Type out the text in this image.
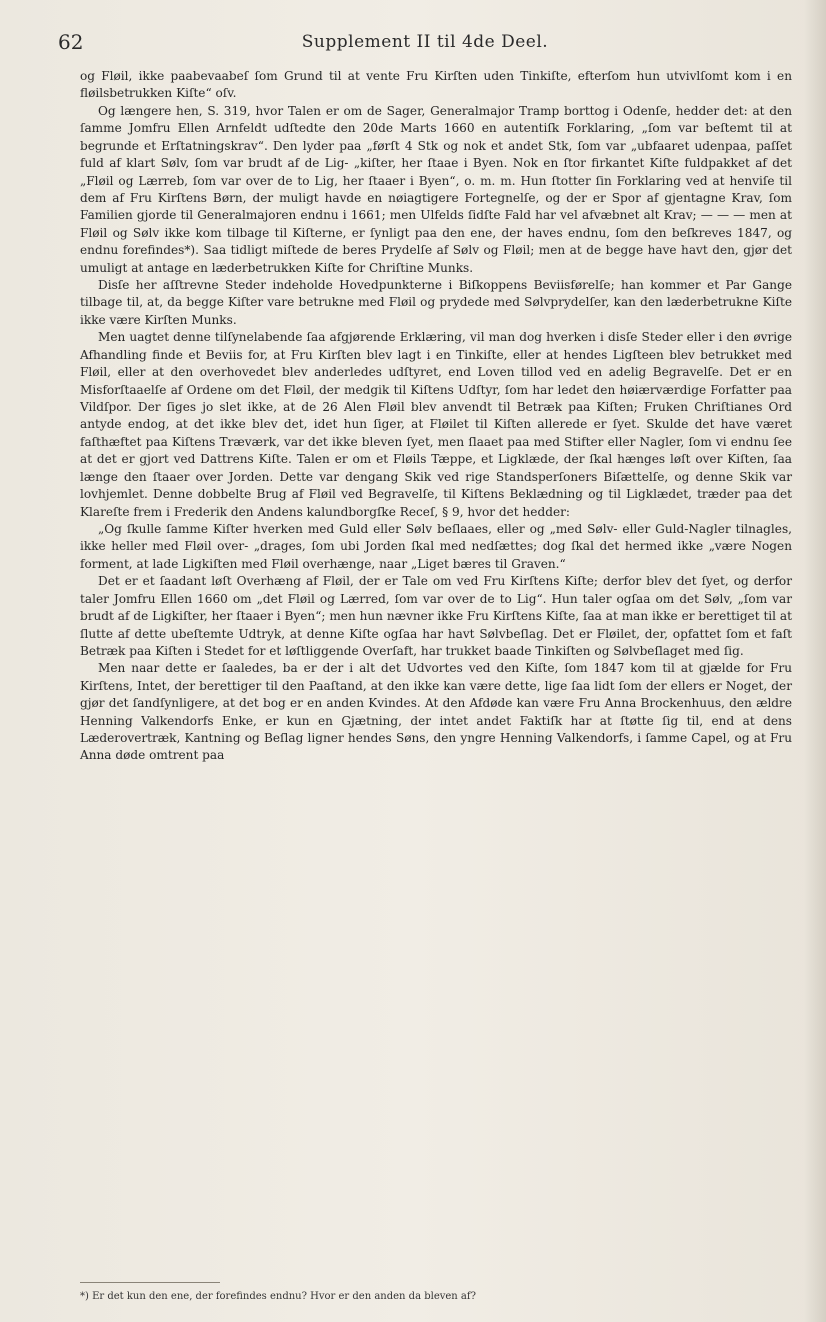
62	Supplement II til 4de Deel.

og Fløil, ikke paabevaabeſ ſom Grund til at vente Fru Kirſten uden Tinkiſte, efterſom hun utvivlſomt kom i en fløilsbetrukken Kiſte“ oſv.

Og længere hen, S. 319, hvor Talen er om de Sager, Generalmajor Tramp borttog i Odenſe, hedder det: at den ſamme Jomfru Ellen Arnfeldt udſtedte den 20de Marts 1660 en autentiſk Forklaring, „ſom var beſtemt til at begrunde et Erſtatningskrav“. Den lyder paa „førſt 4 Stk og nok et andet Stk, ſom var „ubfaaret udenpaa, paſſet fuld af klart Sølv, ſom var brudt af de Lig- „kiſter, her ſtaae i Byen. Nok en ſtor firkantet Kiſte fuldpakket af det „Fløil og Lærreb, ſom var over de to Lig, her ſtaaer i Byen“, o. m. m. Hun ſtotter ſin Forklaring ved at henviſe til dem af Fru Kirſtens Børn, der muligt havde en nøiagtigere Fortegnelſe, og der er Spor af gjentagne Krav, ſom Familien gjorde til Generalmajoren endnu i 1661; men Ulfelds ſidſte Fald har vel afvæbnet alt Krav; — — — men at Fløil og Sølv ikke kom tilbage til Kiſterne, er ſynligt paa den ene, der haves endnu, ſom den beſkreves 1847, og endnu forefindes*). Saa tidligt miſtede de beres Prydelſe af Sølv og Fløil; men at de begge have havt den, gjør det umuligt at antage en læderbetrukken Kiſte for Chriſtine Munks.

Disſe her aſſtrevne Steder indeholde Hovedpunkterne i Biſkoppens Beviisførelſe; han kommer et Par Gange tilbage til, at, da begge Kiſter vare betrukne med Fløil og prydede med Sølvprydelſer, kan den læderbetrukne Kiſte ikke være Kirſten Munks.

Men uagtet denne tilſynelabende ſaa afgjørende Erklæring, vil man dog hverken i disſe Steder eller i den øvrige Afhandling finde et Beviis for, at Fru Kirſten blev lagt i en Tinkiſte, eller at hendes Ligſteen blev betrukket med Fløil, eller at den overhovedet blev anderledes udſtyret, end Loven tillod ved en adelig Begravelſe. Det er en Misforſtaaelſe af Ordene om det Fløil, der medgik til Kiſtens Udſtyr, ſom har ledet den høiærværdige Forfatter paa Vildſpor. Der ſiges jo slet ikke, at de 26 Alen Fløil blev anvendt til Betræk paa Kiſten; Fruken Chriſtianes Ord antyde endog, at det ikke blev det, idet hun ſiger, at Fløilet til Kiſten allerede er ſyet. Skulde det have været faſthæftet paa Kiſtens Træværk, var det ikke bleven ſyet, men ſlaaet paa med Stifter eller Nagler, ſom vi endnu ſee at det er gjort ved Dattrens Kiſte. Talen er om et Fløils Tæppe, et Ligklæde, der ſkal hænges løſt over Kiſten, ſaa længe den ſtaaer over Jorden. Dette var dengang Skik ved rige Standsperſoners Biſættelſe, og denne Skik var lovhjemlet. Denne dobbelte Brug af Fløil ved Begravelſe, til Kiſtens Beklædning og til Ligklædet, træder paa det Klareſte frem i Frederik den Andens kalundborgſke Receſ, § 9, hvor det hedder:

„Og ſkulle ſamme Kiſter hverken med Guld eller Sølv beſlaaes, eller og „med Sølv- eller Guld-Nagler tilnagles, ikke heller med Fløil over- „drages, ſom ubi Jorden ſkal med nedſættes; dog ſkal det hermed ikke „være Nogen forment, at lade Ligkiſten med Fløil overhænge, naar „Liget bæres til Graven.“

Det er et ſaadant løſt Overhæng af Fløil, der er Tale om ved Fru Kirſtens Kiſte; derfor blev det ſyet, og derfor taler Jomfru Ellen 1660 om „det Fløil og Lærred, ſom var over de to Lig“. Hun taler ogſaa om det Sølv, „ſom var brudt af de Ligkiſter, her ſtaaer i Byen“; men hun nævner ikke Fru Kirſtens Kiſte, ſaa at man ikke er berettiget til at ſlutte af dette ubeſtemte Udtryk, at denne Kiſte ogſaa har havt Sølvbeſlag. Det er Fløilet, der, opfattet ſom et faſt Betræk paa Kiſten i Stedet for et løſtliggende Overſaft, har trukket baade Tinkiſten og Sølvbeſlaget med ſig.

Men naar dette er ſaaledes, ba er der i alt det Udvortes ved den Kiſte, ſom 1847 kom til at gjælde for Fru Kirſtens, Intet, der berettiger til den Paaſtand, at den ikke kan være dette, lige ſaa lidt ſom der ellers er Noget, der gjør det ſandſynligere, at det bog er en anden Kvindes. At den Afdøde kan være Fru Anna Brockenhuus, den ældre Henning Valkendorfs Enke, er kun en Gjætning, der intet andet Faktiſk har at ſtøtte ſig til, end at dens Læderovertræk, Kantning og Beſlag ligner hendes Søns, den yngre Henning Valkendorfs, i ſamme Capel, og at Fru Anna døde omtrent paa

*) Er det kun den ene, der forefindes endnu? Hvor er den anden da bleven af?
